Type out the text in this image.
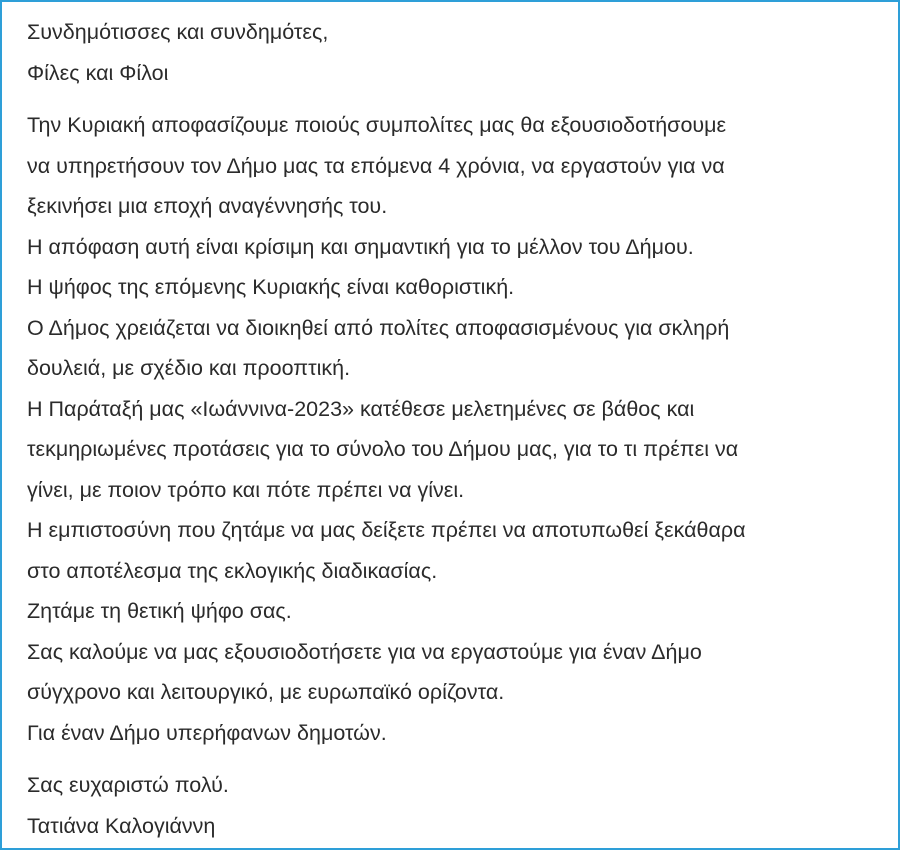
Συνδημότισσες και συνδημότες,
Φίλες και Φίλοι
Την Κυριακή αποφασίζουμε ποιούς συμπολίτες μας θα εξουσιοδοτήσουμε
να υπηρετήσουν τον Δήμο μας τα επόμενα 4 χρόνια, να εργαστούν για να
ξεκινήσει μια εποχή αναγέννησής του.
Η απόφαση αυτή είναι κρίσιμη και σημαντική για το μέλλον του Δήμου.
Η ψήφος της επόμενης Κυριακής είναι καθοριστική.
Ο Δήμος χρειάζεται να διοικηθεί από πολίτες αποφασισμένους για σκληρή
δουλειά, με σχέδιο και προοπτική.
Η Παράταξή μας «Ιωάννινα-2023» κατέθεσε μελετημένες σε βάθος και
τεκμηριωμένες προτάσεις για το σύνολο του Δήμου μας, για το τι πρέπει να
γίνει, με ποιον τρόπο και πότε πρέπει να γίνει.
Η εμπιστοσύνη που ζητάμε να μας δείξετε πρέπει να αποτυπωθεί ξεκάθαρα
στο αποτέλεσμα της εκλογικής διαδικασίας.
Ζητάμε τη θετική ψήφο σας.
Σας καλούμε να μας εξουσιοδοτήσετε για να εργαστούμε για έναν Δήμο
σύγχρονο και λειτουργικό, με ευρωπαϊκό ορίζοντα.
Για έναν Δήμο υπερήφανων δημοτών.
Σας ευχαριστώ πολύ.
Τατιάνα Καλογιάννη
